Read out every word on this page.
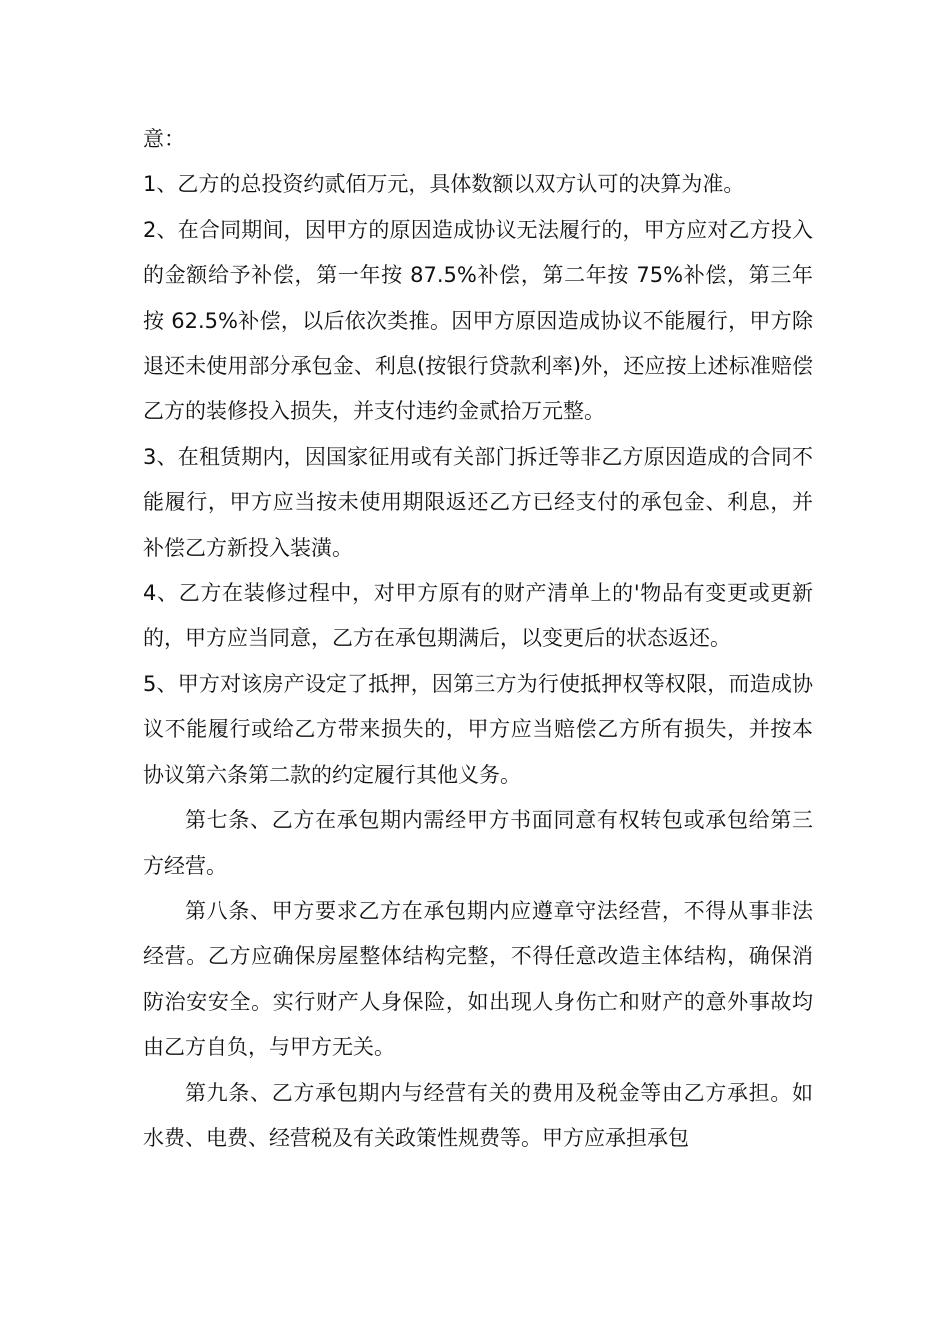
意：

1、乙方的总投资约贰佰万元，具体数额以双方认可的决算为准。

2、在合同期间，因甲方的原因造成协议无法履行的，甲方应对乙方投入的金额给予补偿，第一年按 87.5%补偿，第二年按 75%补偿，第三年按 62.5%补偿，以后依次类推。因甲方原因造成协议不能履行，甲方除退还未使用部分承包金、利息(按银行贷款利率)外，还应按上述标准赔偿乙方的装修投入损失，并支付违约金贰拾万元整。

3、在租赁期内，因国家征用或有关部门拆迁等非乙方原因造成的合同不能履行，甲方应当按未使用期限返还乙方已经支付的承包金、利息，并补偿乙方新投入装潢。

4、乙方在装修过程中，对甲方原有的财产清单上的'物品有变更或更新的，甲方应当同意，乙方在承包期满后，以变更后的状态返还。

5、甲方对该房产设定了抵押，因第三方为行使抵押权等权限，而造成协议不能履行或给乙方带来损失的，甲方应当赔偿乙方所有损失，并按本协议第六条第二款的约定履行其他义务。

第七条、乙方在承包期内需经甲方书面同意有权转包或承包给第三方经营。

第八条、甲方要求乙方在承包期内应遵章守法经营，不得从事非法经营。乙方应确保房屋整体结构完整，不得任意改造主体结构，确保消防治安安全。实行财产人身保险，如出现人身伤亡和财产的意外事故均由乙方自负，与甲方无关。

第九条、乙方承包期内与经营有关的费用及税金等由乙方承担。如水费、电费、经营税及有关政策性规费等。甲方应承担承包
